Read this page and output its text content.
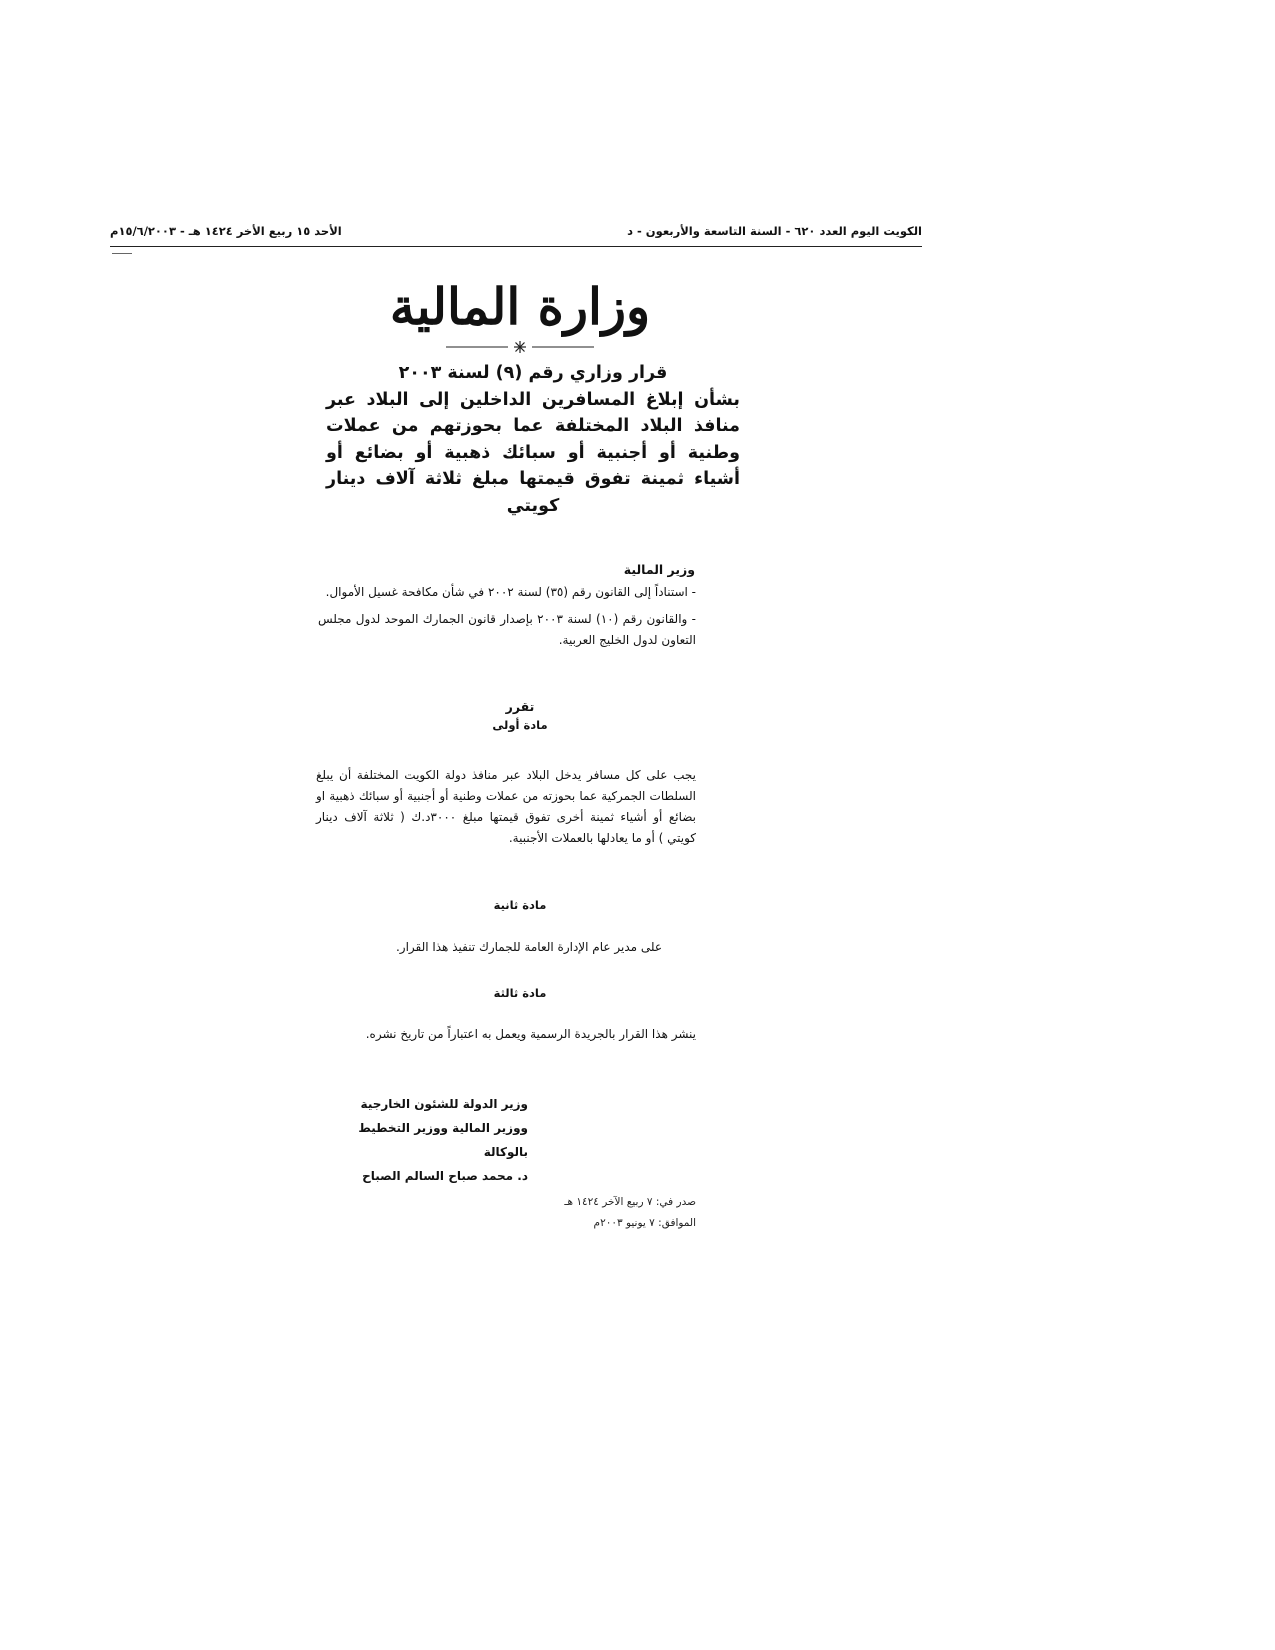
الكويت اليوم العدد ٦٢٠ - السنة التاسعة والأربعون - د
الأحد ١٥ ربيع الأخر ١٤٢٤ هـ - ١٥/٦/٢٠٠٣م
وزارة المالية
قرار وزاري رقم (٩) لسنة ٢٠٠٣
بشأن إبلاغ المسافرين الداخلين إلى البلاد عبر منافذ البلاد المختلفة عما بحوزتهم من عملات وطنية أو أجنبية أو سبائك ذهبية أو بضائع أو أشياء ثمينة تفوق قيمتها مبلغ ثلاثة آلاف دينار كويتي
وزير المالية

- استناداً إلى القانون رقم (٣٥) لسنة ٢٠٠٢ في شأن مكافحة غسيل الأموال.

- والقانون رقم (١٠) لسنة ٢٠٠٣ بإصدار قانون الجمارك الموحد لدول مجلس التعاون لدول الخليج العربية.

تقرر
مادة أولى
يجب على كل مسافر يدخل البلاد عبر منافذ دولة الكويت المختلفة أن يبلغ السلطات الجمركية عما بحوزته من عملات وطنية أو أجنبية أو سبائك ذهبية او بضائع أو أشياء ثمينة أخرى تفوق قيمتها مبلغ ٣٠٠٠د.ك ( ثلاثة آلاف دينار كويتي ) أو ما يعادلها بالعملات الأجنبية.
مادة ثانية
على مدير عام الإدارة العامة للجمارك تنفيذ هذا القرار.
مادة ثالثة
ينشر هذا القرار بالجريدة الرسمية ويعمل به اعتباراً من تاريخ نشره.
وزير الدولة للشئون الخارجية
ووزير المالية ووزير التخطيط بالوكالة
د. محمد صباح السالم الصباح
صدر في: ٧ ربيع الآخر ١٤٢٤ هـ
الموافق: ٧ يونيو ٢٠٠٣م
